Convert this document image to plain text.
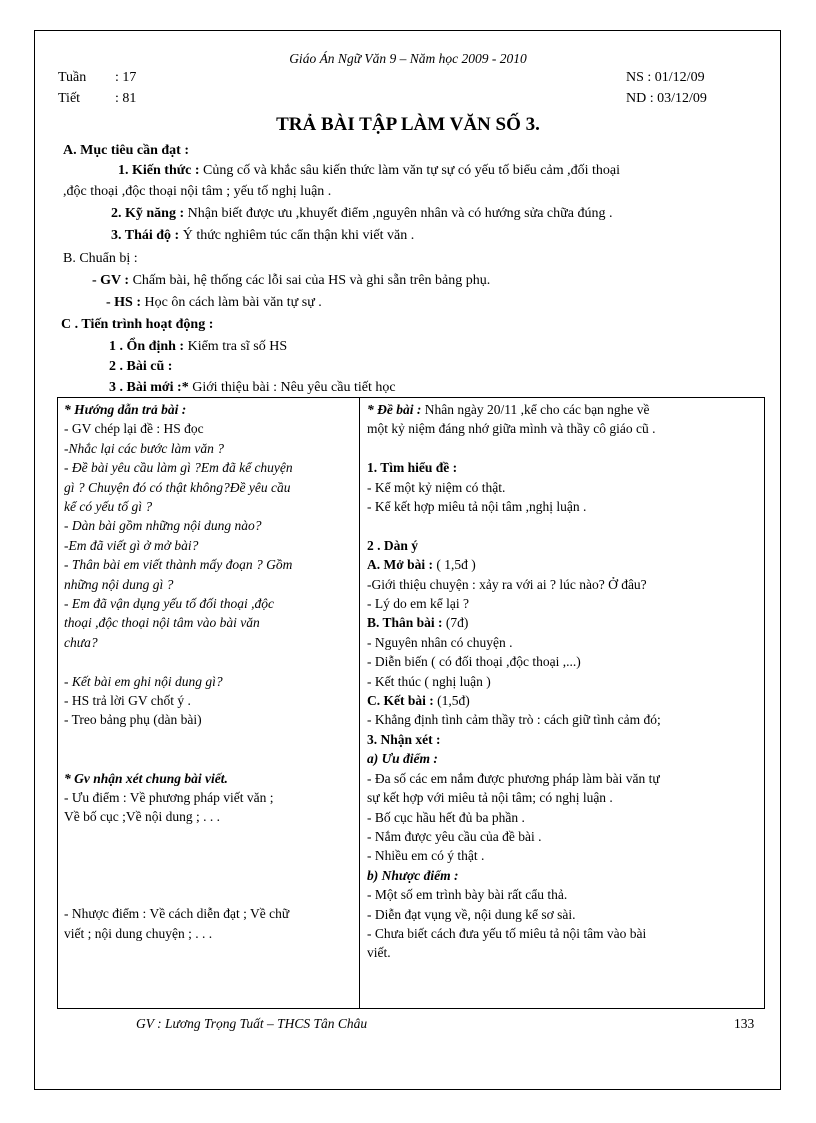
Giáo Án Ngữ Văn 9 – Năm học 2009 - 2010
Tuần : 17
Tiết : 81
NS : 01/12/09
ND : 03/12/09
TRẢ BÀI TẬP LÀM VĂN SỐ 3.
A. Mục tiêu cần đạt :
1. Kiến thức : Củng cố và khắc sâu kiến thức làm văn tự sự có yếu tố biểu cảm ,đối thoại
,độc thoại ,độc thoại nội tâm ; yếu tố nghị luận .
2. Kỹ năng : Nhận biết được ưu ,khuyết điểm ,nguyên nhân và có hướng sửa chữa đúng .
3. Thái độ : Ý thức nghiêm túc cẩn thận khi viết văn .
B. Chuẩn bị :
- GV : Chấm bài, hệ thống các lỗi sai của HS và ghi sẵn trên bảng phụ.
- HS : Học ôn cách làm bài văn tự sự .
C . Tiến trình hoạt động :
1 . Ổn định : Kiểm tra sĩ số HS
2 . Bài cũ :
3 . Bài mới :* Giới thiệu bài : Nêu yêu cầu tiết học

* Hướng dẫn trả bài :

- GV chép lại đề : HS đọc

-Nhắc lại các bước làm văn ?

- Đề bài yêu cầu làm gì ?Em đã kể chuyện

gì ? Chuyện đó có thật không?Đề yêu cầu

kể có yếu tố gì ?

- Dàn bài gồm những nội dung nào?

-Em đã viết gì ở mở bài?

- Thân bài em viết thành mấy đoạn ? Gồm

những nội dung gì ?

- Em đã vận dụng yếu tố đối thoại ,độc

thoại ,độc thoại nội tâm vào bài văn

chưa?

- Kết bài em ghi nội dung gì?

- HS trả lời GV chốt ý .

- Treo bảng phụ (dàn bài)

* Gv nhận xét chung bài viết.

- Ưu điểm : Về phương pháp viết văn ;

Về bố cục ;Về nội dung ; . . .

- Nhược điểm : Về cách diễn đạt ; Về chữ

viết ; nội dung chuyện ; . . .

* Đề bài : Nhân ngày 20/11 ,kể cho các bạn nghe về

một kỷ niệm đáng nhớ giữa mình và thầy cô giáo cũ .

1. Tìm hiểu đề :

- Kể một kỷ niệm có thật.

- Kể kết hợp miêu tả nội tâm ,nghị luận .

2 . Dàn ý

A. Mở bài : ( 1,5đ )

-Giới thiệu chuyện : xảy ra với ai ? lúc nào? Ở đâu?

- Lý do em kể lại ?

B. Thân bài : (7đ)

- Nguyên nhân có chuyện .

- Diễn biến ( có đối thoại ,độc thoại ,...)

- Kết thúc ( nghị luận )

C. Kết bài : (1,5đ)

- Khẳng định tình cảm thầy trò : cách giữ tình cảm đó;

3. Nhận xét :

a) Ưu điểm :

- Đa số các em nắm được phương pháp làm bài văn tự

sự kết hợp với miêu tả nội tâm; có nghị luận .

- Bố cục hầu hết đủ ba phần .

- Nắm được yêu cầu của đề bài .

- Nhiều em có ý thật .

b) Nhược điểm :

- Một số em trình bày bài rất cẩu thả.

- Diễn đạt vụng về, nội dung kể sơ sài.

- Chưa biết cách đưa yếu tố miêu tả nội tâm vào bài

viết.

GV : Lương Trọng Tuất – THCS Tân Châu	133
